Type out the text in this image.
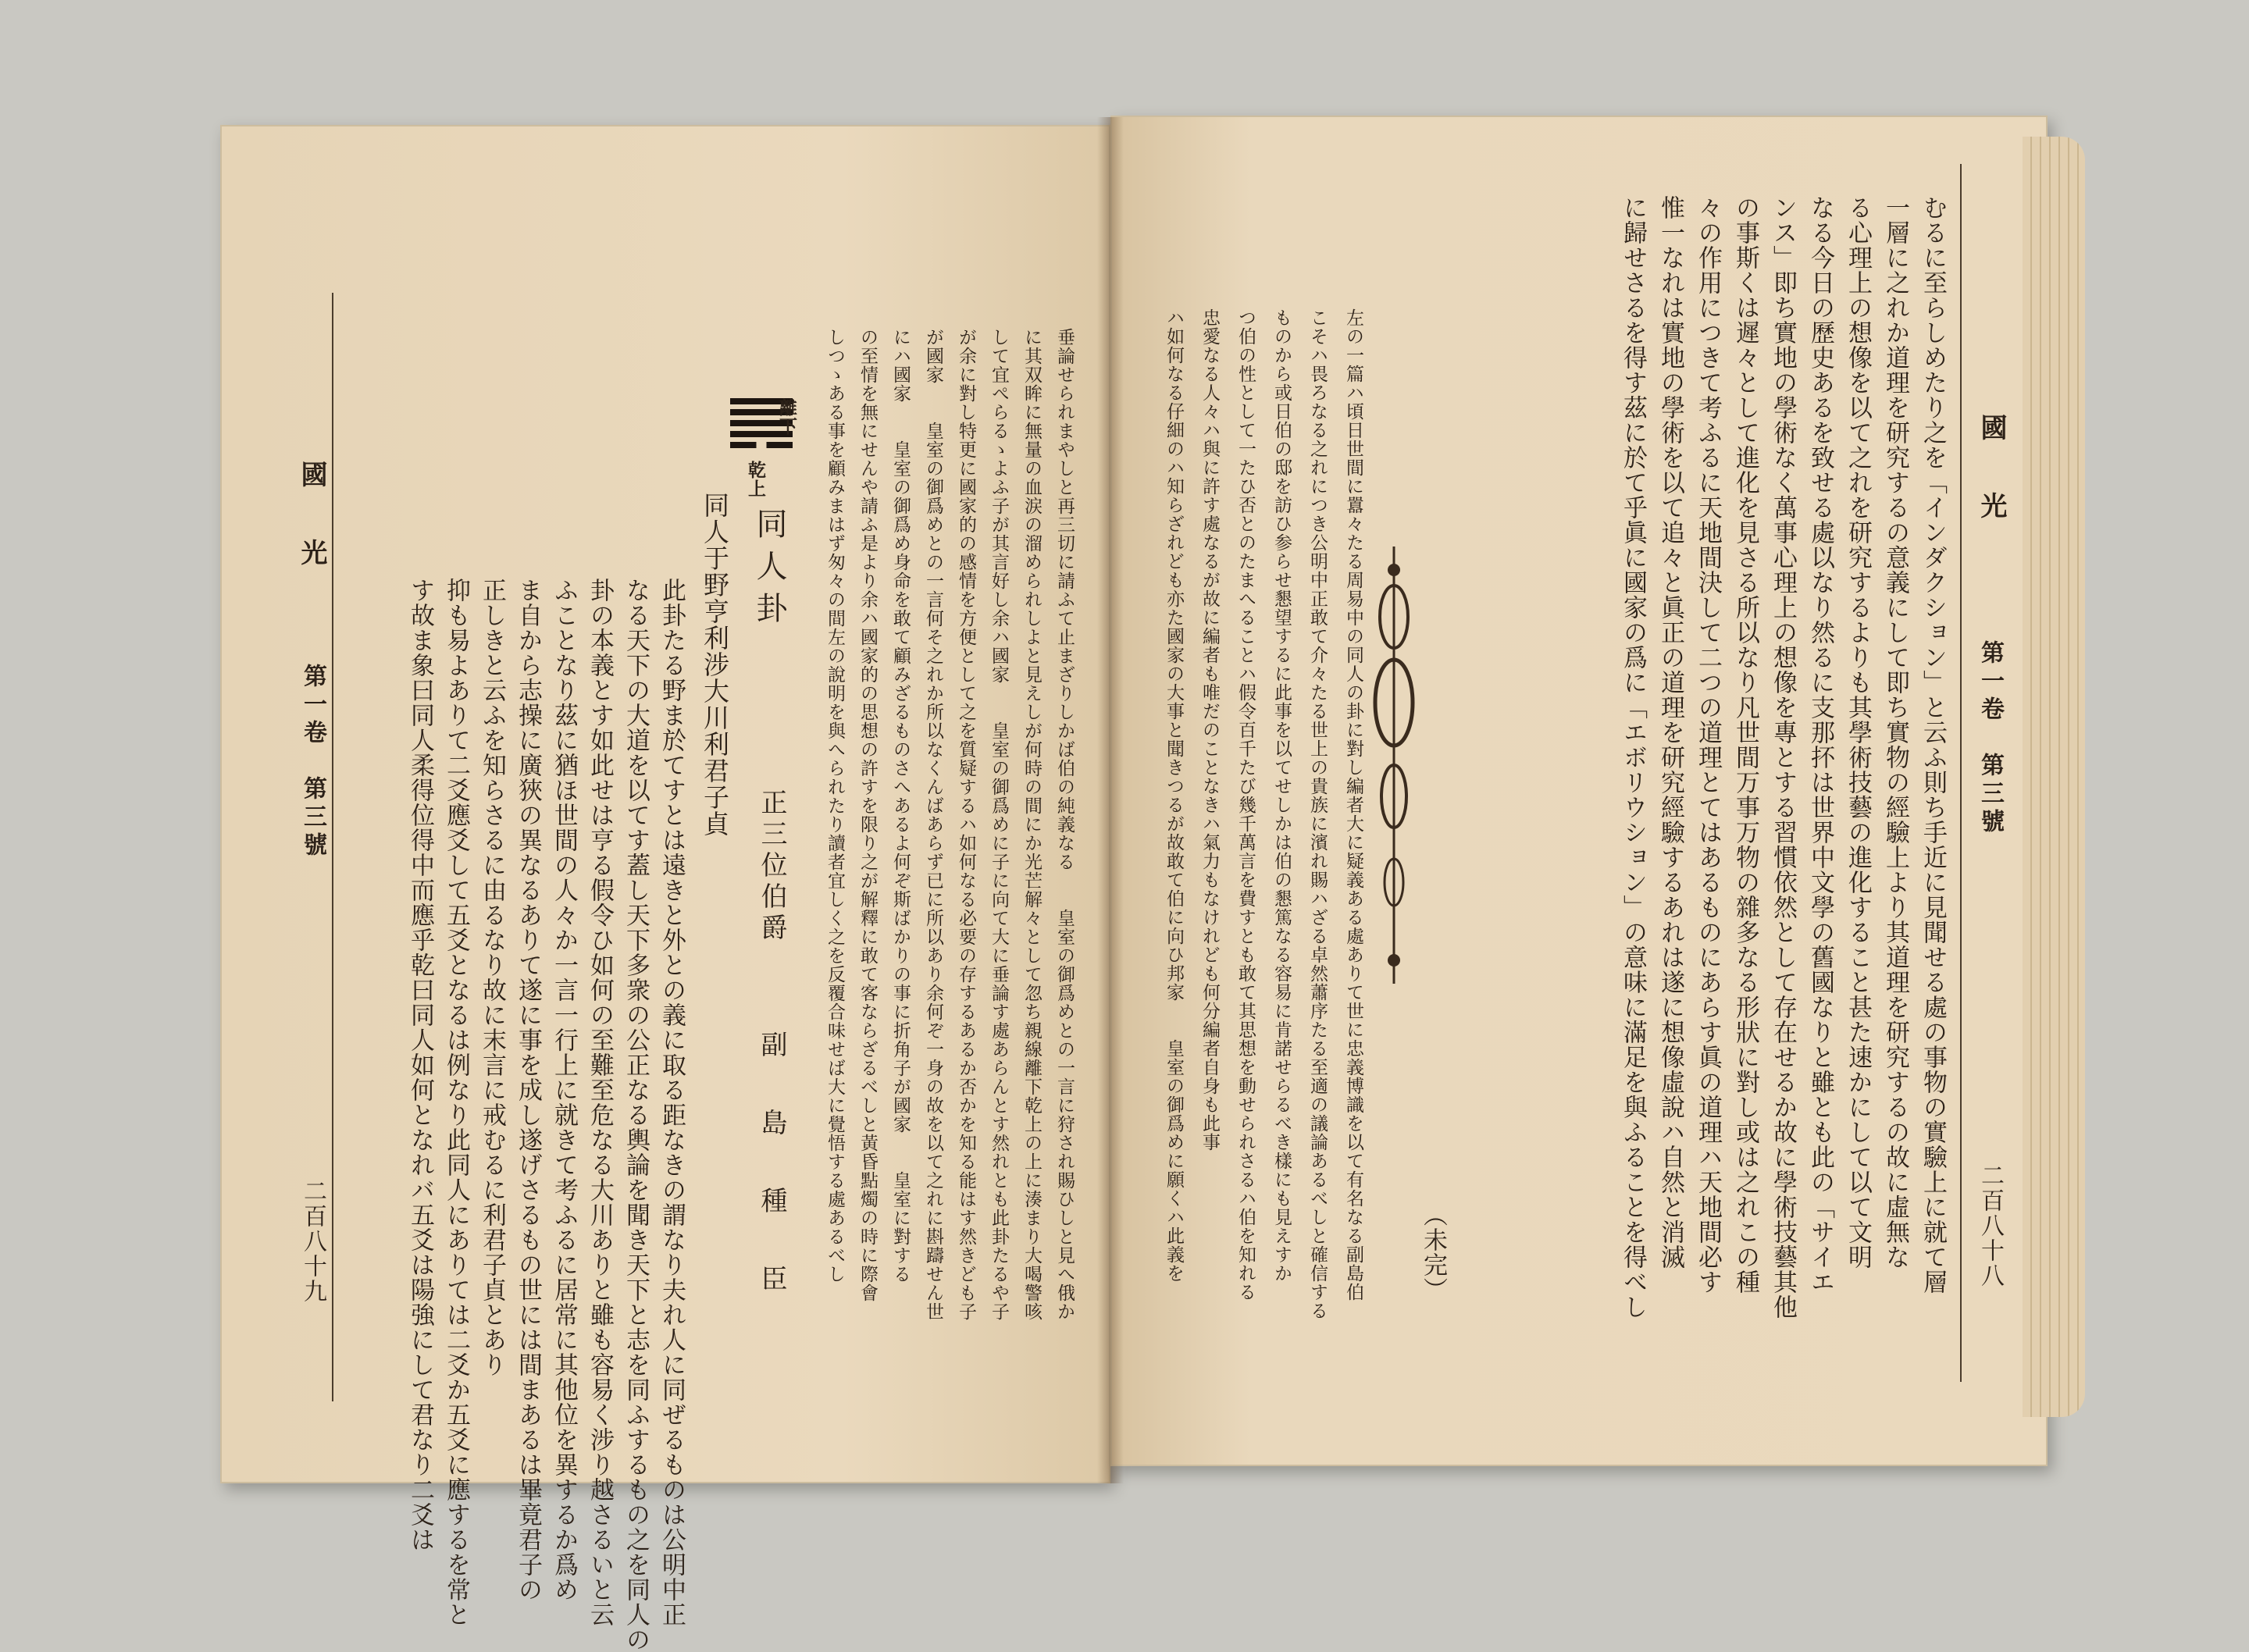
國　光
第一卷　第三號
二百八十八
むるに至らしめたり之を「インダクション」と云ふ則ち手近に見聞せる處の事物の實驗上に就て層
一層に之れか道理を研究するの意義にして即ち實物の經驗上より其道理を研究するの故に虛無な
る心理上の想像を以て之れを研究するよりも其學術技藝の進化すること甚た速かにして以て文明
なる今日の歷史あるを致せる處以なり然るに支那抔は世界中文學の舊國なりと雖とも此の「サイエ
ンス」即ち實地の學術なく萬事心理上の想像を專とする習慣依然として存在せるか故に學術技藝其他
の事斯くは遲々として進化を見さる所以なり凡世間万事万物の雜多なる形狀に對し或は之れこの種
々の作用につきて考ふるに天地間決して二つの道理とてはあるものにあらす眞の道理ハ天地間必す
惟一なれは實地の學術を以て追々と眞正の道理を研究經驗するあれは遂に想像虛說ハ自然と消滅
に歸せさるを得す茲に於て乎眞に國家の爲に「エボリウション」の意味に滿足を與ふることを得べし
（未完）
左の一篇ハ頃日世間に囂々たる周易中の同人の卦に對し編者大に疑義ある處ありて世に忠義博識を以て有名なる副島伯
こそハ畏ろなる之れにつき公明中正敢て介々たる世上の貴族に濱れ賜ハざる卓然蕭序たる至適の議論あるべしと確信する
ものから或日伯の邸を訪ひ参らせ懇望するに此事を以てせしかは伯の懇篤なる容易に肯諾せらるべき樣にも見えすか
つ伯の性として一たひ否とのたまへることハ假令百千たび幾千萬言を費すとも敢て其思想を動せられさるハ伯を知れる
忠愛なる人々ハ與に許す處なるが故に編者も唯だのことなきハ氣力もなけれども何分編者自身も此事
ハ如何なる仔細のハ知らざれども亦た國家の大事と聞きつるが故敢て伯に向ひ邦家　　皇室の御爲めに願くハ此義を
國　光
第一卷　第三號
二百八十九	垂論せられまやしと再三切に請ふて止まざりしかば伯の純義なる　　皇室の御爲めとの一言に狩され賜ひしと見へ俄か
に其双眸に無量の血涙の溜められしよと見えしが何時の間にか光芒解々として忽ち親線離下乾上の上に湊まり大喝警咳
して宜ぺらるゝよふ子が其言好し余ハ國家　　皇室の御爲めに子に向て大に垂論す處あらんとす然れとも此卦たるや子
が余に對し特更に國家的の感情を方便として之を質疑するハ如何なる必要の存するあるか否かを知る能はす然きども子
が國家　　皇室の御爲めとの一言何そ之れか所以なくんばあらず已に所以あり余何ぞ一身の故を以て之れに斟躊せん世
にハ國家　　皇室の御爲め身命を敢て顧みざるものさへあるよ何ぞ斯ばかりの事に折角子が國家　　皇室に對する
の至情を無にせんや請ふ是より余ハ國家的の思想の許すを限り之が解釋に敢て客ならざるべしと黃昏點燭の時に際會
しつゝある事を顧みまはず匆々の間左の說明を與へられたり讀者宜しく之を反覆合味せば大に覺悟する處あるべし
離下
乾上
同人卦
正三位伯爵
副　島　種　臣
同人于野亨利涉大川利君子貞
此卦たる野ま於てすとは遠きと外との義に取る距なきの謂なり夫れ人に同ぜるものは公明中正
なる天下の大道を以てす蓋し天下多衆の公正なる輿論を聞き天下と志を同ふするもの之を同人の
卦の本義とす如此せは亨る假令ひ如何の至難至危なる大川ありと雖も容易く涉り越さるいと云
ふことなり茲に猶ほ世間の人々か一言一行上に就きて考ふるに居常に其他位を異するか爲め
ま自から志操に廣狹の異なるありて遂に事を成し遂げさるもの世には間まあるは畢竟君子の
正しきと云ふを知らさるに由るなり故に末言に戒むるに利君子貞とあり
抑も易よありて二爻應爻して五爻となるは例なり此同人にありては二爻か五爻に應するを常と
す故ま象曰同人柔得位得中而應乎乾曰同人如何となれバ五爻は陽強にして君なり二爻は
